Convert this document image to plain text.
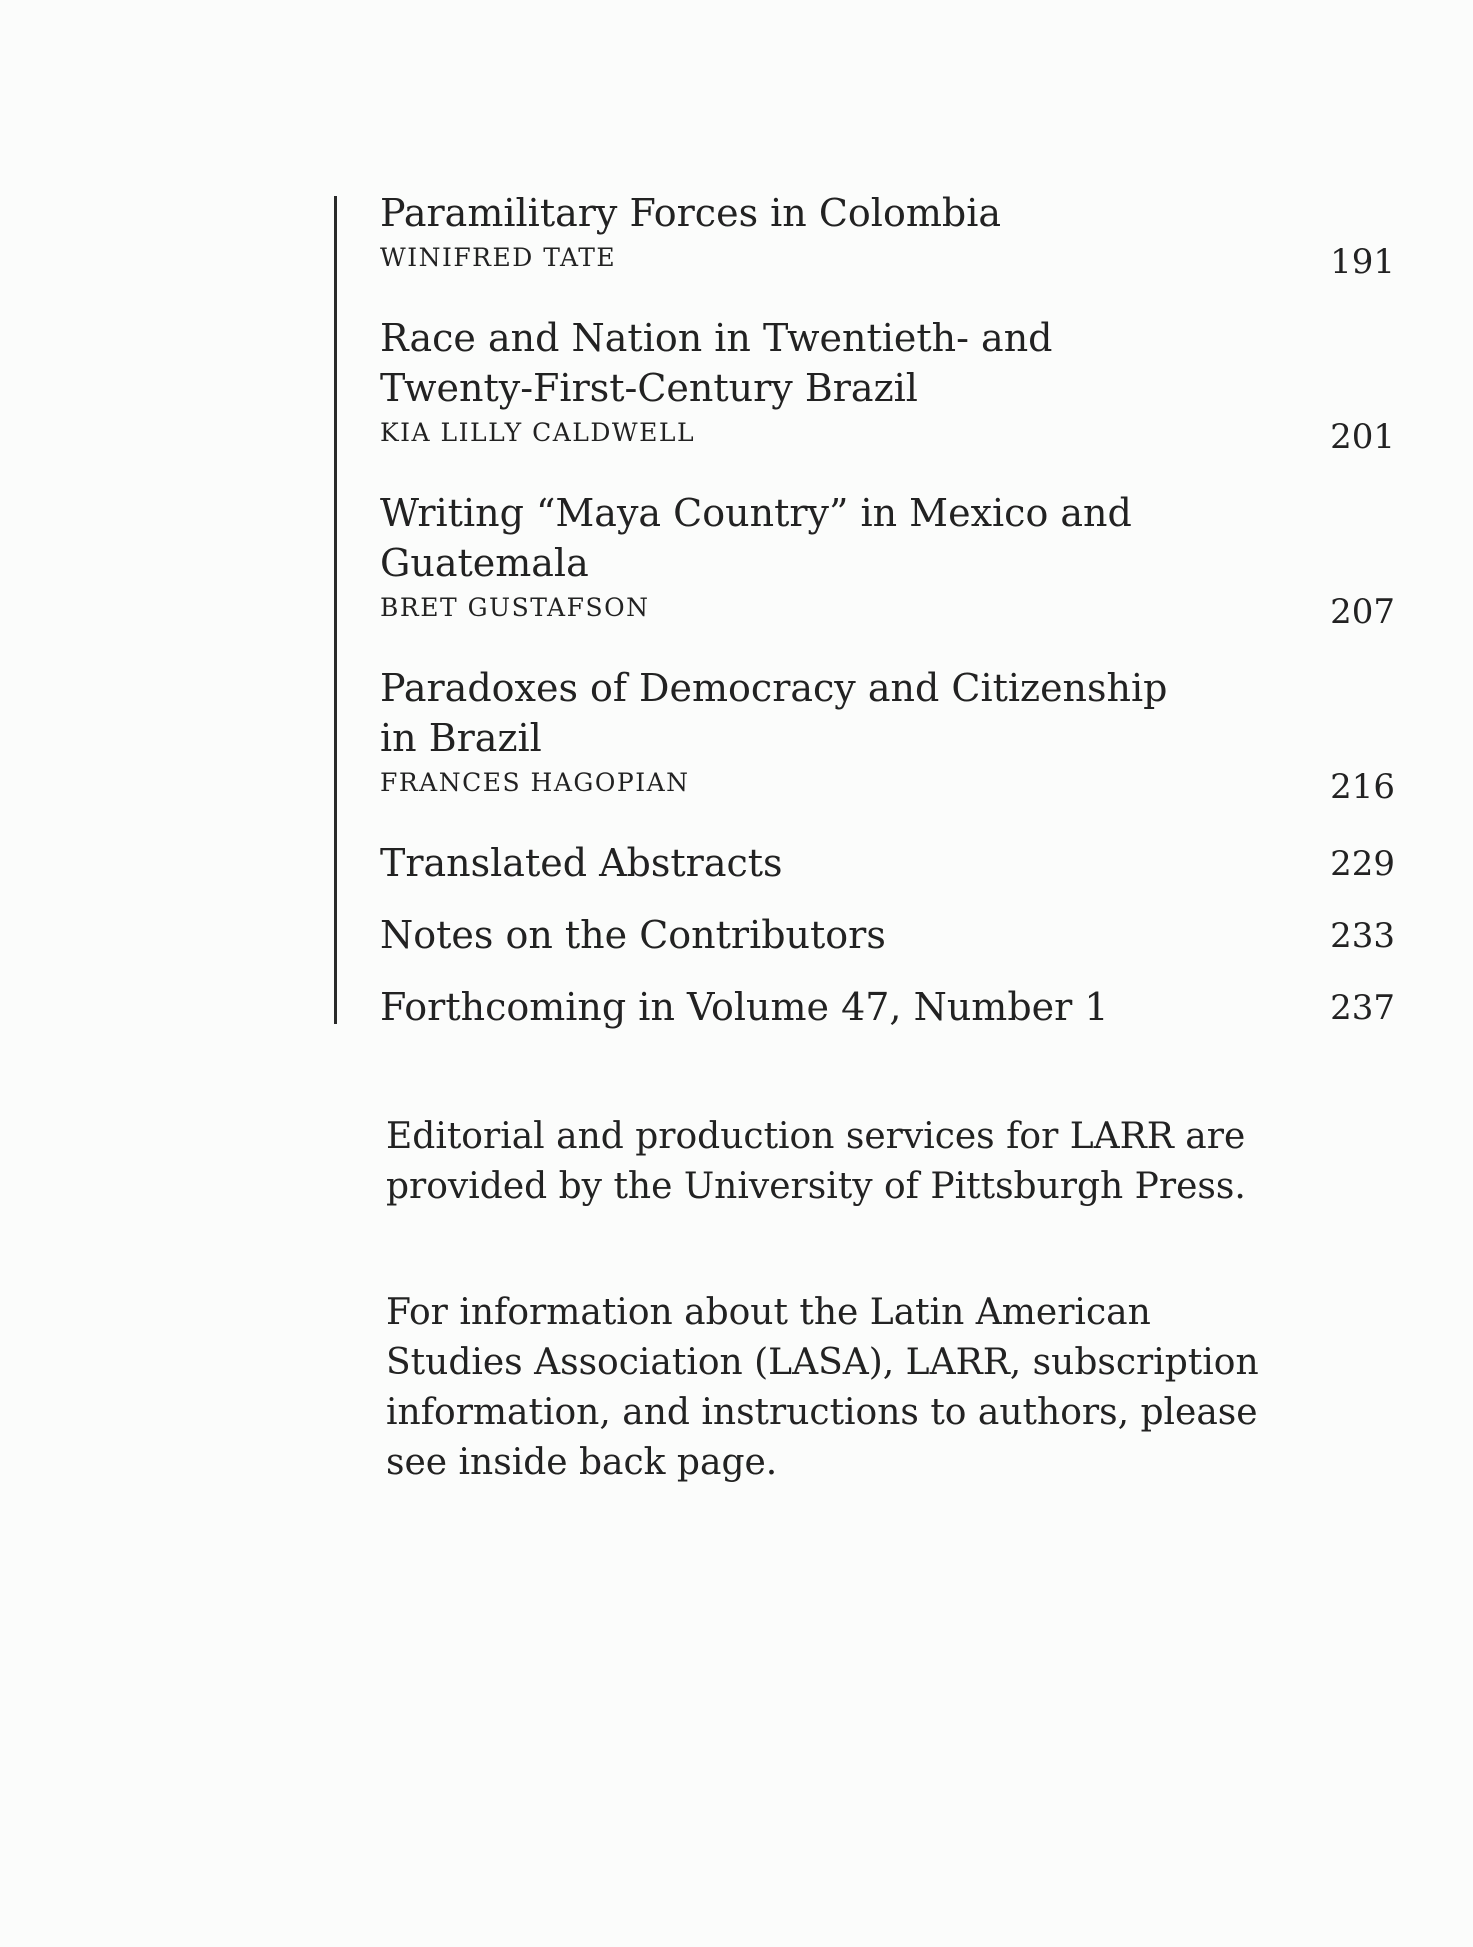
Paramilitary Forces in Colombia
WINIFRED TATE	191
Race and Nation in Twentieth- and
Twenty-First-Century Brazil
KIA LILLY CALDWELL	201
Writing “Maya Country” in Mexico and
Guatemala
BRET GUSTAFSON	207
Paradoxes of Democracy and Citizenship
in Brazil
FRANCES HAGOPIAN	216
Translated Abstracts	229
Notes on the Contributors	233
Forthcoming in Volume 47, Number 1	237
Editorial and production services for LARR are
provided by the University of Pittsburgh Press.
For information about the Latin American
Studies Association (LASA), LARR, subscription
information, and instructions to authors, please
see inside back page.
